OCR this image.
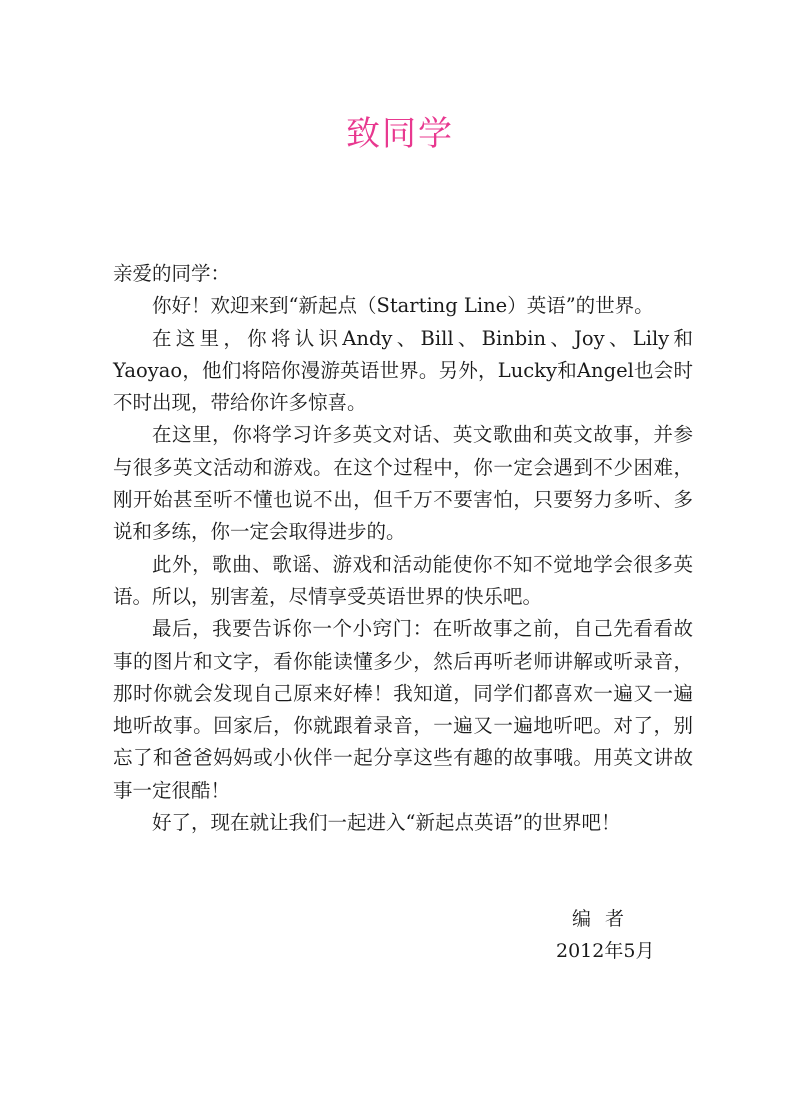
致同学

亲爱的同学：

你好！欢迎来到“新起点（Starting Line）英语”的世界。

在这里，你将认识Andy、Bill、Binbin、Joy、Lily和Yaoyao，他们将陪你漫游英语世界。另外，Lucky和Angel也会时不时出现，带给你许多惊喜。

在这里，你将学习许多英文对话、英文歌曲和英文故事，并参与很多英文活动和游戏。在这个过程中，你一定会遇到不少困难，刚开始甚至听不懂也说不出，但千万不要害怕，只要努力多听、多说和多练，你一定会取得进步的。

此外，歌曲、歌谣、游戏和活动能使你不知不觉地学会很多英语。所以，别害羞，尽情享受英语世界的快乐吧。

最后，我要告诉你一个小窍门：在听故事之前，自己先看看故事的图片和文字，看你能读懂多少，然后再听老师讲解或听录音，那时你就会发现自己原来好棒！我知道，同学们都喜欢一遍又一遍地听故事。回家后，你就跟着录音，一遍又一遍地听吧。对了，别忘了和爸爸妈妈或小伙伴一起分享这些有趣的故事哦。用英文讲故事一定很酷！

好了，现在就让我们一起进入“新起点英语”的世界吧！

编者
2012年5月
